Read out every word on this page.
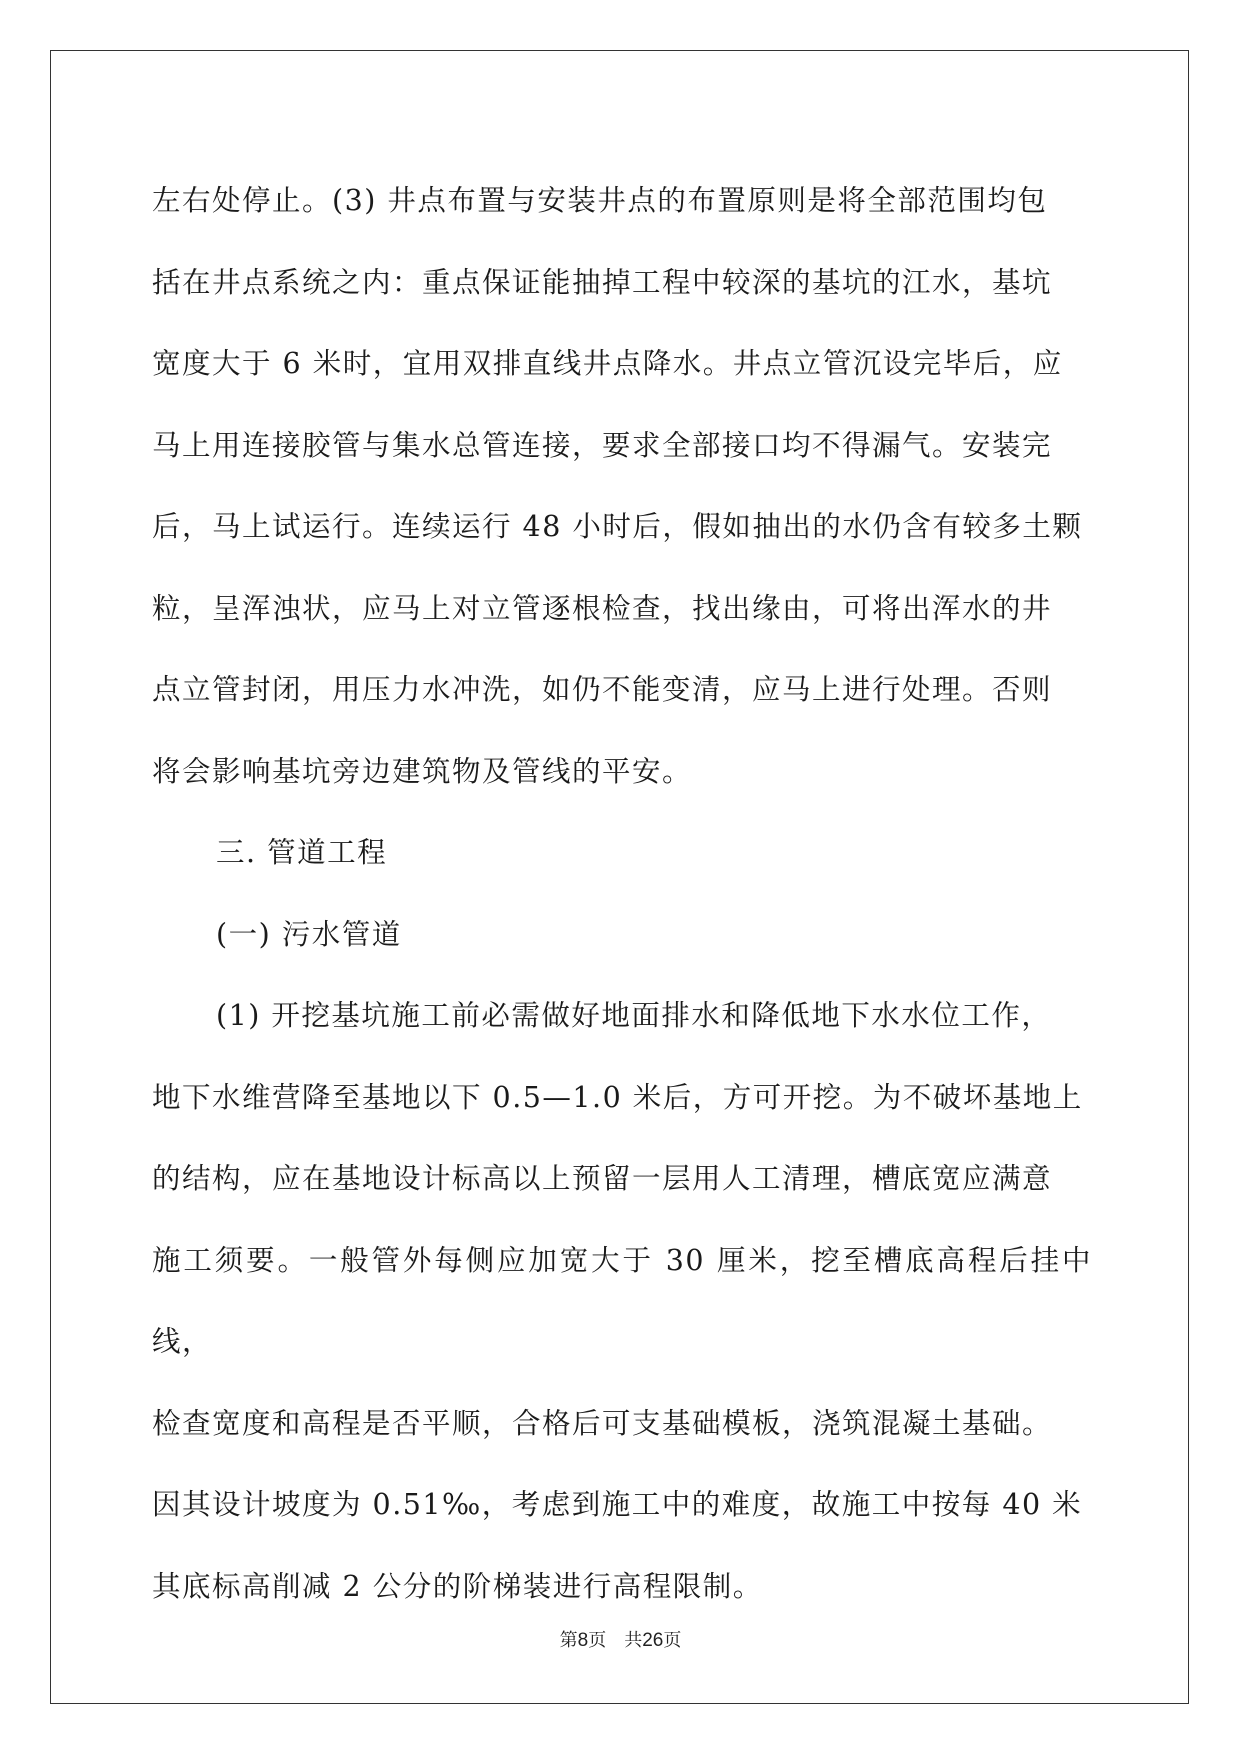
左右处停止。(3) 井点布置与安装井点的布置原则是将全部范围均包
括在井点系统之内：重点保证能抽掉工程中较深的基坑的江水，基坑
宽度大于 6 米时，宜用双排直线井点降水。井点立管沉设完毕后，应
马上用连接胶管与集水总管连接，要求全部接口均不得漏气。安装完
后，马上试运行。连续运行 48 小时后，假如抽出的水仍含有较多土颗
粒，呈浑浊状，应马上对立管逐根检查，找出缘由，可将出浑水的井
点立管封闭，用压力水冲洗，如仍不能变清，应马上进行处理。否则
将会影响基坑旁边建筑物及管线的平安。

三. 管道工程

(一) 污水管道

(1) 开挖基坑施工前必需做好地面排水和降低地下水水位工作，
地下水维营降至基地以下 0.5—1.0 米后，方可开挖。为不破坏基地上
的结构，应在基地设计标高以上预留一层用人工清理，槽底宽应满意
施工须要。一般管外每侧应加宽大于 30 厘米，挖至槽底高程后挂中线，
检查宽度和高程是否平顺，合格后可支基础模板，浇筑混凝土基础。
因其设计坡度为 0.51‰，考虑到施工中的难度，故施工中按每 40 米
其底标高削减 2 公分的阶梯装进行高程限制。

第8页 共26页
